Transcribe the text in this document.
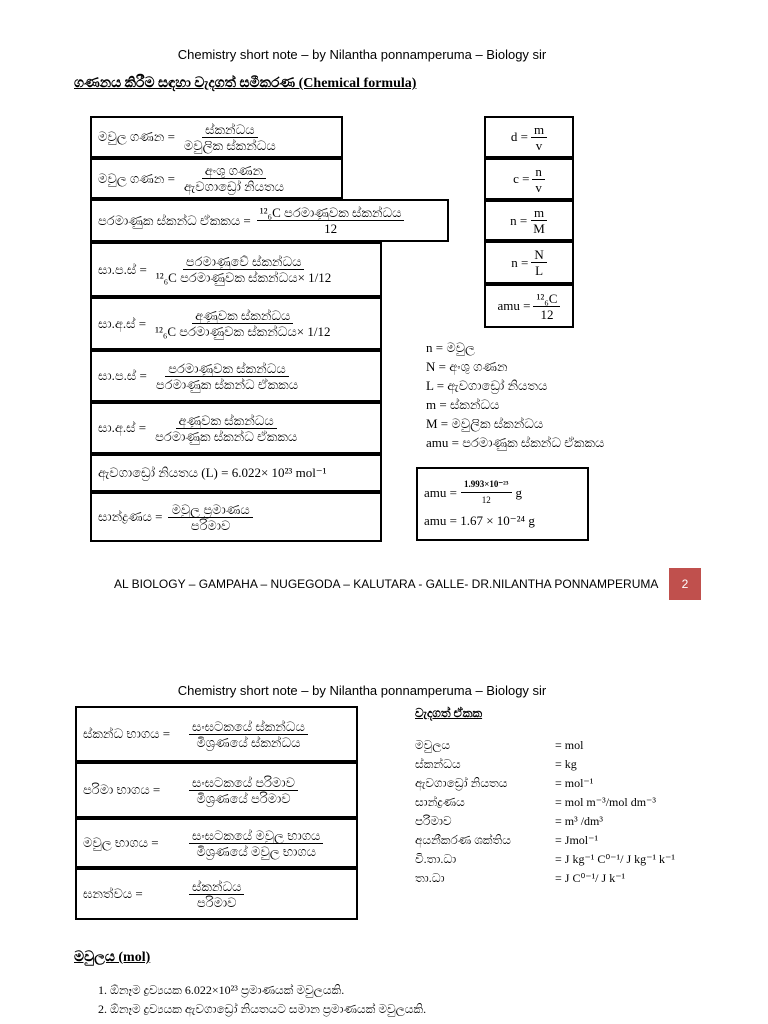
Chemistry short note – by Nilantha ponnamperuma – Biology sir
ගණනය කිරීම සඳහා වැදගත් සමීකරණ (Chemical formula)
මවුල ගණන = $\frac{\text{ස්කන්ධය}}{\text{මවුලික ස්කන්ධය}}$
මවුල ගණන = $\frac{\text{අංශු ගණන}}{\text{ඇවගාඩ්‍රෝ නියතය}}$
පරමාණුක ස්කන්ධ ඒකකය = $\frac{\text{¹²₆C පරමාණුවක ස්කන්ධය}}{12}$
සා.ප.ස් = $\frac{\text{පරමාණුවේ ස්කන්ධය}}{\text{¹²₆C පරමාණුවක ස්කන්ධය× 1/12}}$
සා.අ.ස් = $\frac{\text{අණුවක ස්කන්ධය}}{\text{¹²₆C පරමාණුවක ස්කන්ධය× 1/12}}$
සා.ප.ස් = $\frac{\text{පරමාණුවක ස්කන්ධය}}{\text{පරමාණුක ස්කන්ධ ඒකකය}}$
සා.අ.ස් = $\frac{\text{අණුවක ස්කන්ධය}}{\text{පරමාණුක ස්කන්ධ ඒකකය}}$
ඇවගාඩ්‍රෝ නියතය (L) = 6.022× 10²³ mol⁻¹
සාන්ද්‍රණය = $\frac{\text{මවුල ප්‍රමාණය}}{\text{පරිමාව}}$
$d = \frac{m}{v}$
$c = \frac{n}{v}$
$n = \frac{m}{M}$
$n = \frac{N}{L}$
amu = $\frac{\text{¹²₆C}}{12}$
n = මවුල
N = අංශු ගණන
L = ඇවගාඩ්‍රෝ නියතය
m = ස්කන්ධය
M = මවුලික ස්කන්ධය
amu = පරමාණුක ස්කන්ධ ඒකකය
amu = $\frac{\text{1.993×10⁻²³}}{12}$ g
amu = 1.67 × 10⁻²⁴ g
AL BIOLOGY – GAMPAHA – NUGEGODA – KALUTARA - GALLE- DR.NILANTHA PONNAMPERUMA	2
Chemistry short note – by Nilantha ponnamperuma – Biology sir
ස්කන්ධ භාගය =	$\frac{\text{සංඝටකයේ ස්කන්ධය}}{\text{මිශ්‍රණයේ ස්කන්ධය}}$
පරිමා භාගය =	$\frac{\text{සංඝටකයේ පරිමාව}}{\text{මිශ්‍රණයේ පරිමාව}}$
මවුල භාගය =	$\frac{\text{සංඝටකයේ මවුල භාගය}}{\text{මිශ්‍රණයේ මවුල භාගය}}$
ඝනත්වය =	$\frac{\text{ස්කන්ධය}}{\text{පරිමාව}}$
වැදගත් ඒකක
මවුලය	= mol
ස්කන්ධය	= kg
ඇවගාඩ්‍රෝ නියතය	= mol⁻¹
සාන්ද්‍රණය	= mol m⁻³/mol dm⁻³
පරිමාව	= m³ /dm³
අයනීකරණ ශක්තිය	= Jmol⁻¹
වි.තා.ධා	= J kg⁻¹ C⁰⁻¹/ J kg⁻¹ k⁻¹
තා.ධා	= J C⁰⁻¹/ J k⁻¹
මවුලය (mol)
1. ඕනෑම ද්‍රව්‍යයක 6.022×10²³ ප්‍රමාණයක් මවුලයකි.
2. ඕනෑම ද්‍රව්‍යයක ඇවගාඩ්‍රෝ නියතයට සමාන ප්‍රමාණයක් මවුලයකි.
